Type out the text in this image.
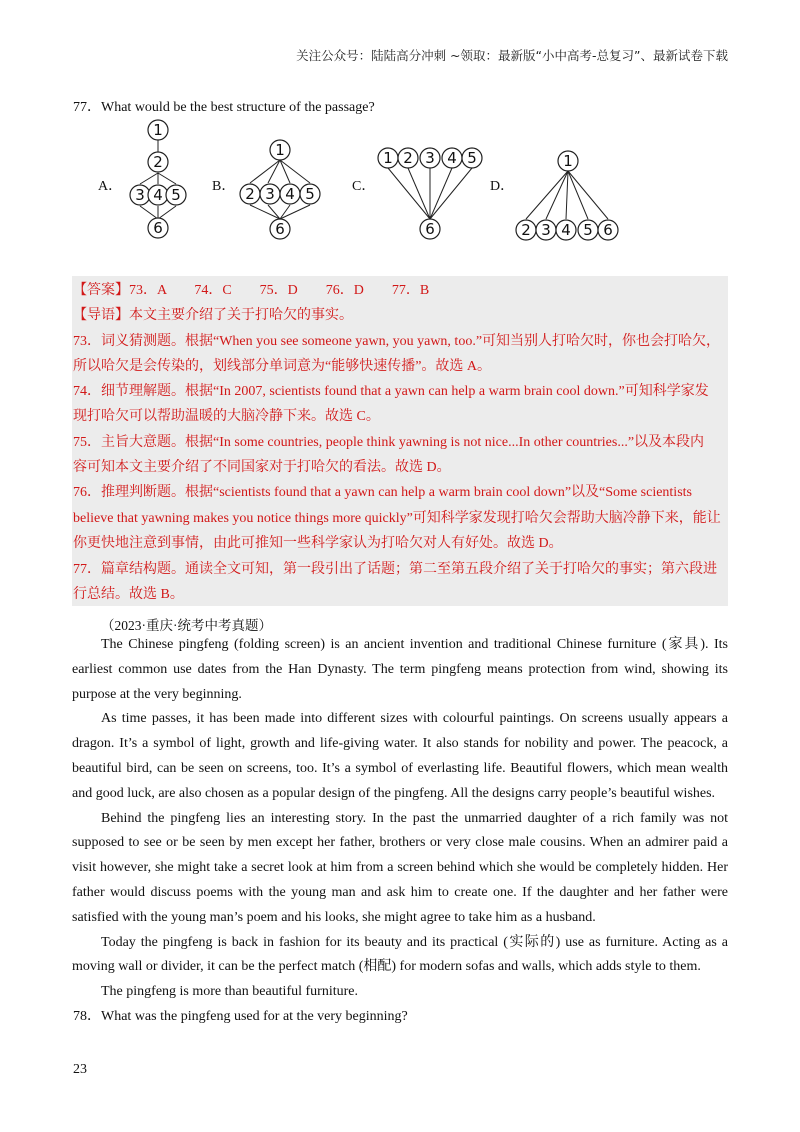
关注公众号：陆陆高分冲刺 ~领取：最新版“小中高考-总复习”、最新试卷下载
77．What would be the best structure of the passage?
1
2
3 4 5
6
1
2 3 4 5
6
1 2 3 4 5
6
1
2 3 4 5 6
A．	B．	C．	D．
【答案】73．A　　74．C　　75．D　　76．D　　77．B
【导语】本文主要介绍了关于打哈欠的事实。
73．词义猜测题。根据“When you see someone yawn, you yawn, too.”可知当别人打哈欠时，你也会打哈欠，
所以哈欠是会传染的，划线部分单词意为“能够快速传播”。故选 A。
74．细节理解题。根据“In 2007, scientists found that a yawn can help a warm brain cool down.”可知科学家发
现打哈欠可以帮助温暖的大脑冷静下来。故选 C。
75．主旨大意题。根据“In some countries, people think yawning is not nice...In other countries...”以及本段内
容可知本文主要介绍了不同国家对于打哈欠的看法。故选 D。
76．推理判断题。根据“scientists found that a yawn can help a warm brain cool down”以及“Some scientists
believe that yawning makes you notice things more quickly”可知科学家发现打哈欠会帮助大脑冷静下来，能让
你更快地注意到事情，由此可推知一些科学家认为打哈欠对人有好处。故选 D。
77．篇章结构题。通读全文可知，第一段引出了话题；第二至第五段介绍了关于打哈欠的事实；第六段进
行总结。故选 B。
（2023·重庆·统考中考真题）
The Chinese pingfeng (folding screen) is an ancient invention and traditional Chinese furniture (家具). Its earliest common use dates from the Han Dynasty. The term pingfeng means protection from wind, showing its purpose at the very beginning.
As time passes, it has been made into different sizes with colourful paintings. On screens usually appears a dragon. It’s a symbol of light, growth and life-giving water. It also stands for nobility and power. The peacock, a beautiful bird, can be seen on screens, too. It’s a symbol of everlasting life. Beautiful flowers, which mean wealth and good luck, are also chosen as a popular design of the pingfeng. All the designs carry people’s beautiful wishes.
Behind the pingfeng lies an interesting story. In the past the unmarried daughter of a rich family was not supposed to see or be seen by men except her father, brothers or very close male cousins. When an admirer paid a visit however, she might take a secret look at him from a screen behind which she would be completely hidden. Her father would discuss poems with the young man and ask him to create one. If the daughter and her father were satisfied with the young man’s poem and his looks, she might agree to take him as a husband.
Today the pingfeng is back in fashion for its beauty and its practical (实际的) use as furniture. Acting as a moving wall or divider, it can be the perfect match (相配) for modern sofas and walls, which adds style to them.
The pingfeng is more than beautiful furniture.
78．What was the pingfeng used for at the very beginning?
23
